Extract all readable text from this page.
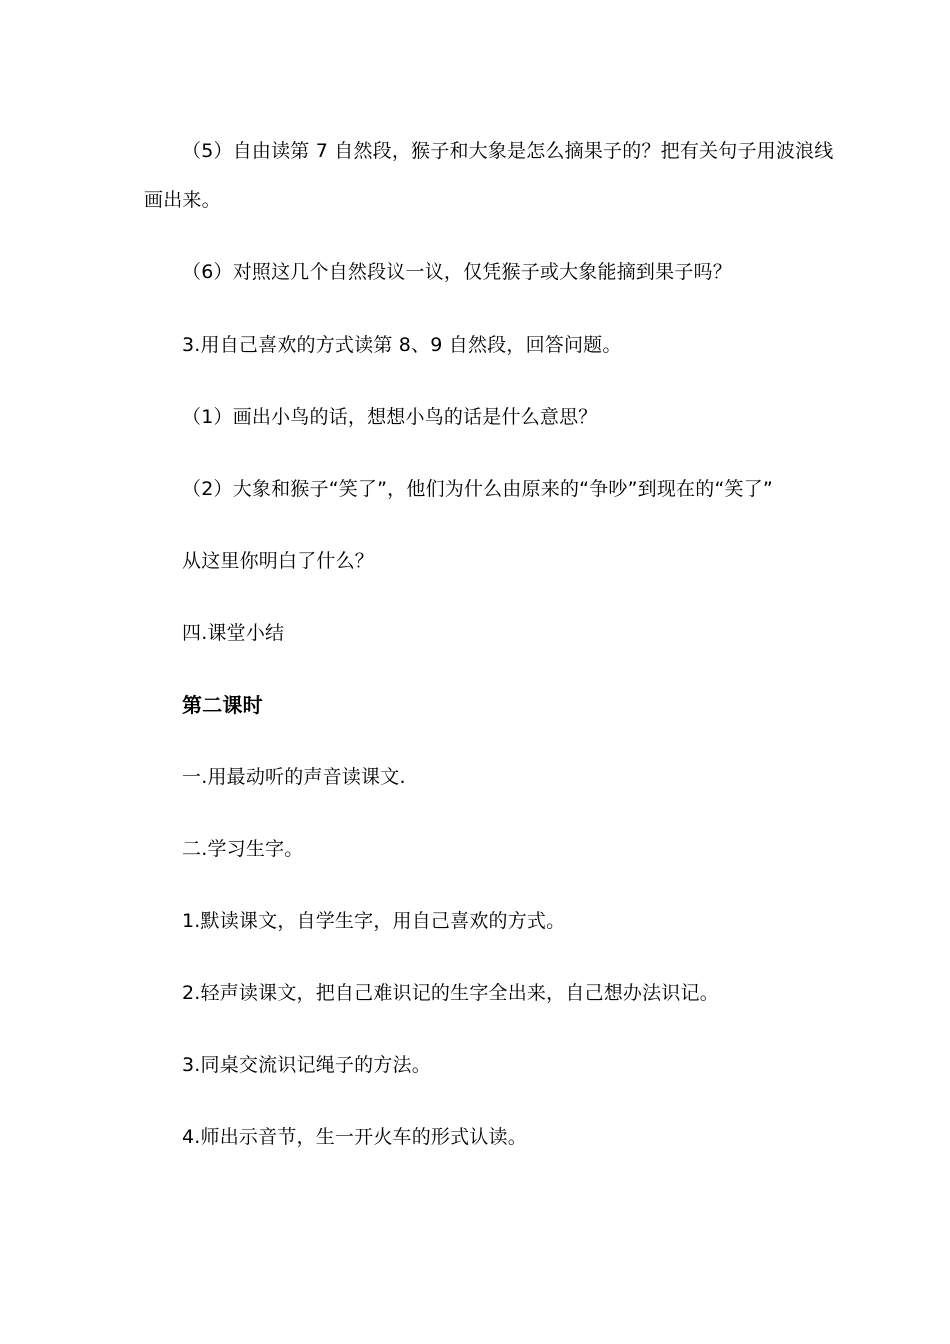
（5）自由读第 7 自然段，猴子和大象是怎么摘果子的？把有关句子用波浪线
画出来。
（6）对照这几个自然段议一议，仅凭猴子或大象能摘到果子吗？
3.用自己喜欢的方式读第 8、9 自然段，回答问题。
（1）画出小鸟的话，想想小鸟的话是什么意思？
（2）大象和猴子“笑了”，他们为什么由原来的“争吵”到现在的“笑了”
从这里你明白了什么？
四.课堂小结
第二课时
一.用最动听的声音读课文.
二.学习生字。
1.默读课文，自学生字，用自己喜欢的方式。
2.轻声读课文，把自己难识记的生字全出来，自己想办法识记。
3.同桌交流识记绳子的方法。
4.师出示音节，生一开火车的形式认读。
